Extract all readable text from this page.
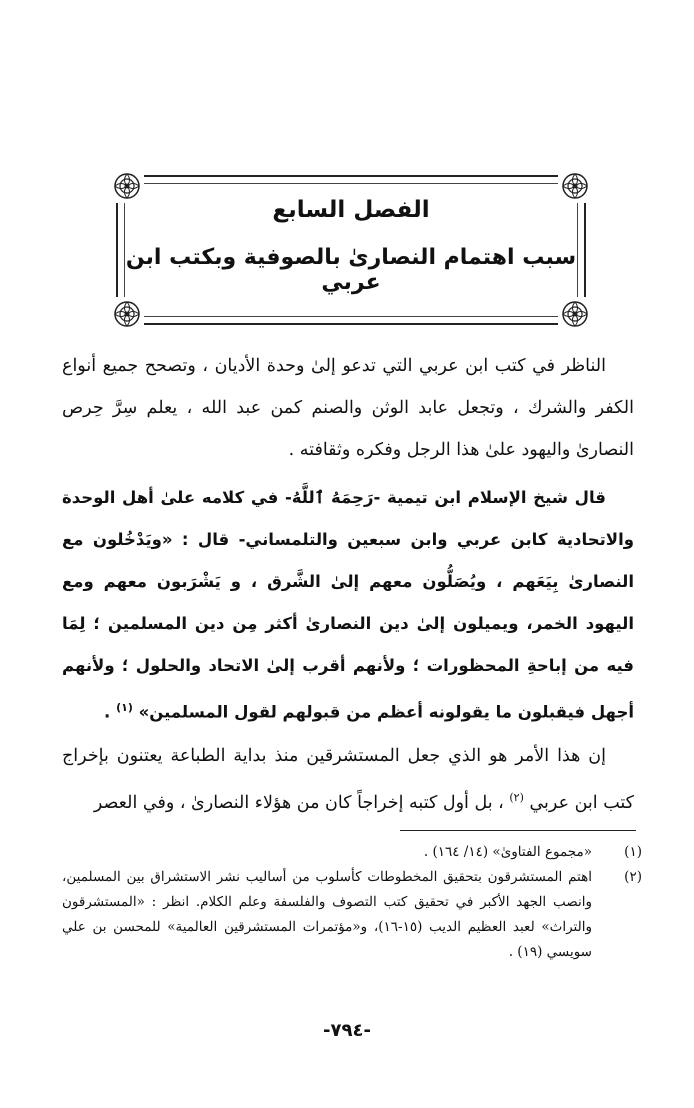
الفصل السابع
سبب اهتمام النصارىٰ بالصوفية وبكتب ابن عربي

الناظر في كتب ابن عربي التي تدعو إلىٰ وحدة الأديان ، وتصحح جميع أنواع الكفر والشرك ، وتجعل عابد الوثن والصنم كمن عبد الله ، يعلم سِرَّ حِرص النصارىٰ واليهود علىٰ هذا الرجل وفكره وثقافته .

قال شيخ الإسلام ابن تيمية -رَحِمَهُ ٱللَّهُ- في كلامه علىٰ أهل الوحدة والاتحادية كابن عربي وابن سبعين والتلمساني- قال : «ويَدْخُلون مع النصارىٰ بِيَعَهم ، ويُصَلُّون معهم إلىٰ الشَّرق ، و يَشْرَبون معهم ومع اليهود الخمر، ويميلون إلىٰ دين النصارىٰ أكثر مِن دين المسلمين ؛ لِمَا فيه من إباحةِ المحظورات ؛ ولأنهم أقرب إلىٰ الاتحاد والحلول ؛ ولأنهم أجهل فيقبلون ما يقولونه أعظم من قبولهم لقول المسلمين» $^{(١)}$ .

إن هذا الأمر هو الذي جعل المستشرقين منذ بداية الطباعة يعتنون بإخراج كتب ابن عربي $^{(٢)}$ ، بل أول كتبه إخراجاً كان من هؤلاء النصارىٰ ، وفي العصر

(١)
«مجموع الفتاوىٰ» (١٤/ ١٦٤) .
(٢)
اهتم المستشرقون بتحقيق المخطوطات كأسلوب من أساليب نشر الاستشراق بين المسلمين، وانصب الجهد الأكبر في تحقيق كتب التصوف والفلسفة وعلم الكلام. انظر : «المستشرقون والتراث» لعبد العظيم الديب (١٥-١٦)، و«مؤتمرات المستشرقين العالمية» للمحسن بن علي سويسي (١٩) .
-٧٩٤-
